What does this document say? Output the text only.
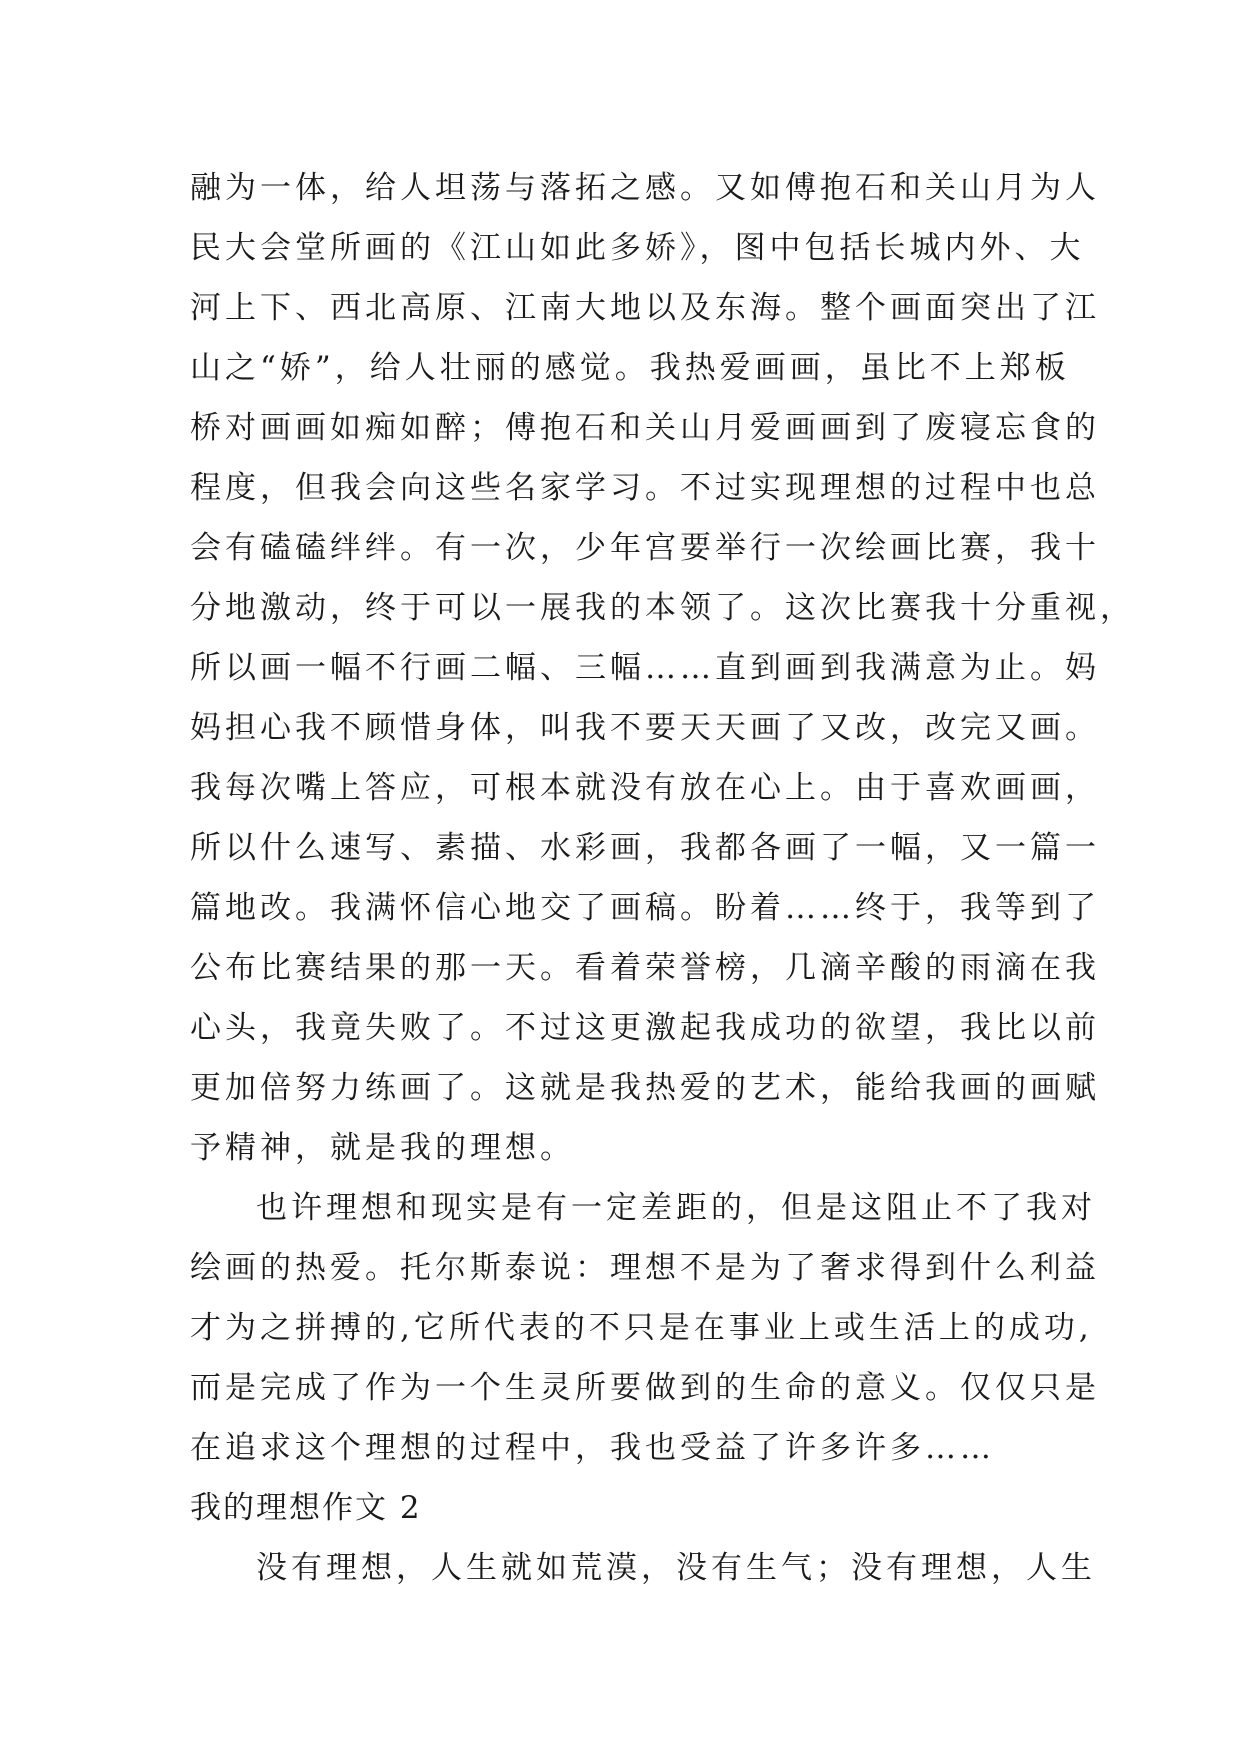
融为一体，给人坦荡与落拓之感。又如傅抱石和关山月为人
民大会堂所画的《江山如此多娇》，图中包括长城内外、大
河上下、西北高原、江南大地以及东海。整个画面突出了江
山之“娇”，给人壮丽的感觉。我热爱画画，虽比不上郑板
桥对画画如痴如醉；傅抱石和关山月爱画画到了废寝忘食的
程度，但我会向这些名家学习。不过实现理想的过程中也总
会有磕磕绊绊。有一次，少年宫要举行一次绘画比赛，我十
分地激动，终于可以一展我的本领了。这次比赛我十分重视，
所以画一幅不行画二幅、三幅……直到画到我满意为止。妈
妈担心我不顾惜身体，叫我不要天天画了又改，改完又画。
我每次嘴上答应，可根本就没有放在心上。由于喜欢画画，
所以什么速写、素描、水彩画，我都各画了一幅，又一篇一
篇地改。我满怀信心地交了画稿。盼着……终于，我等到了
公布比赛结果的那一天。看着荣誉榜，几滴辛酸的雨滴在我
心头，我竟失败了。不过这更激起我成功的欲望，我比以前
更加倍努力练画了。这就是我热爱的艺术，能给我画的画赋
予精神，就是我的理想。
也许理想和现实是有一定差距的，但是这阻止不了我对
绘画的热爱。托尔斯泰说：理想不是为了奢求得到什么利益
才为之拼搏的,它所代表的不只是在事业上或生活上的成功,
而是完成了作为一个生灵所要做到的生命的意义。仅仅只是
在追求这个理想的过程中，我也受益了许多许多……
我的理想作文 2
没有理想，人生就如荒漠，没有生气；没有理想，人生
